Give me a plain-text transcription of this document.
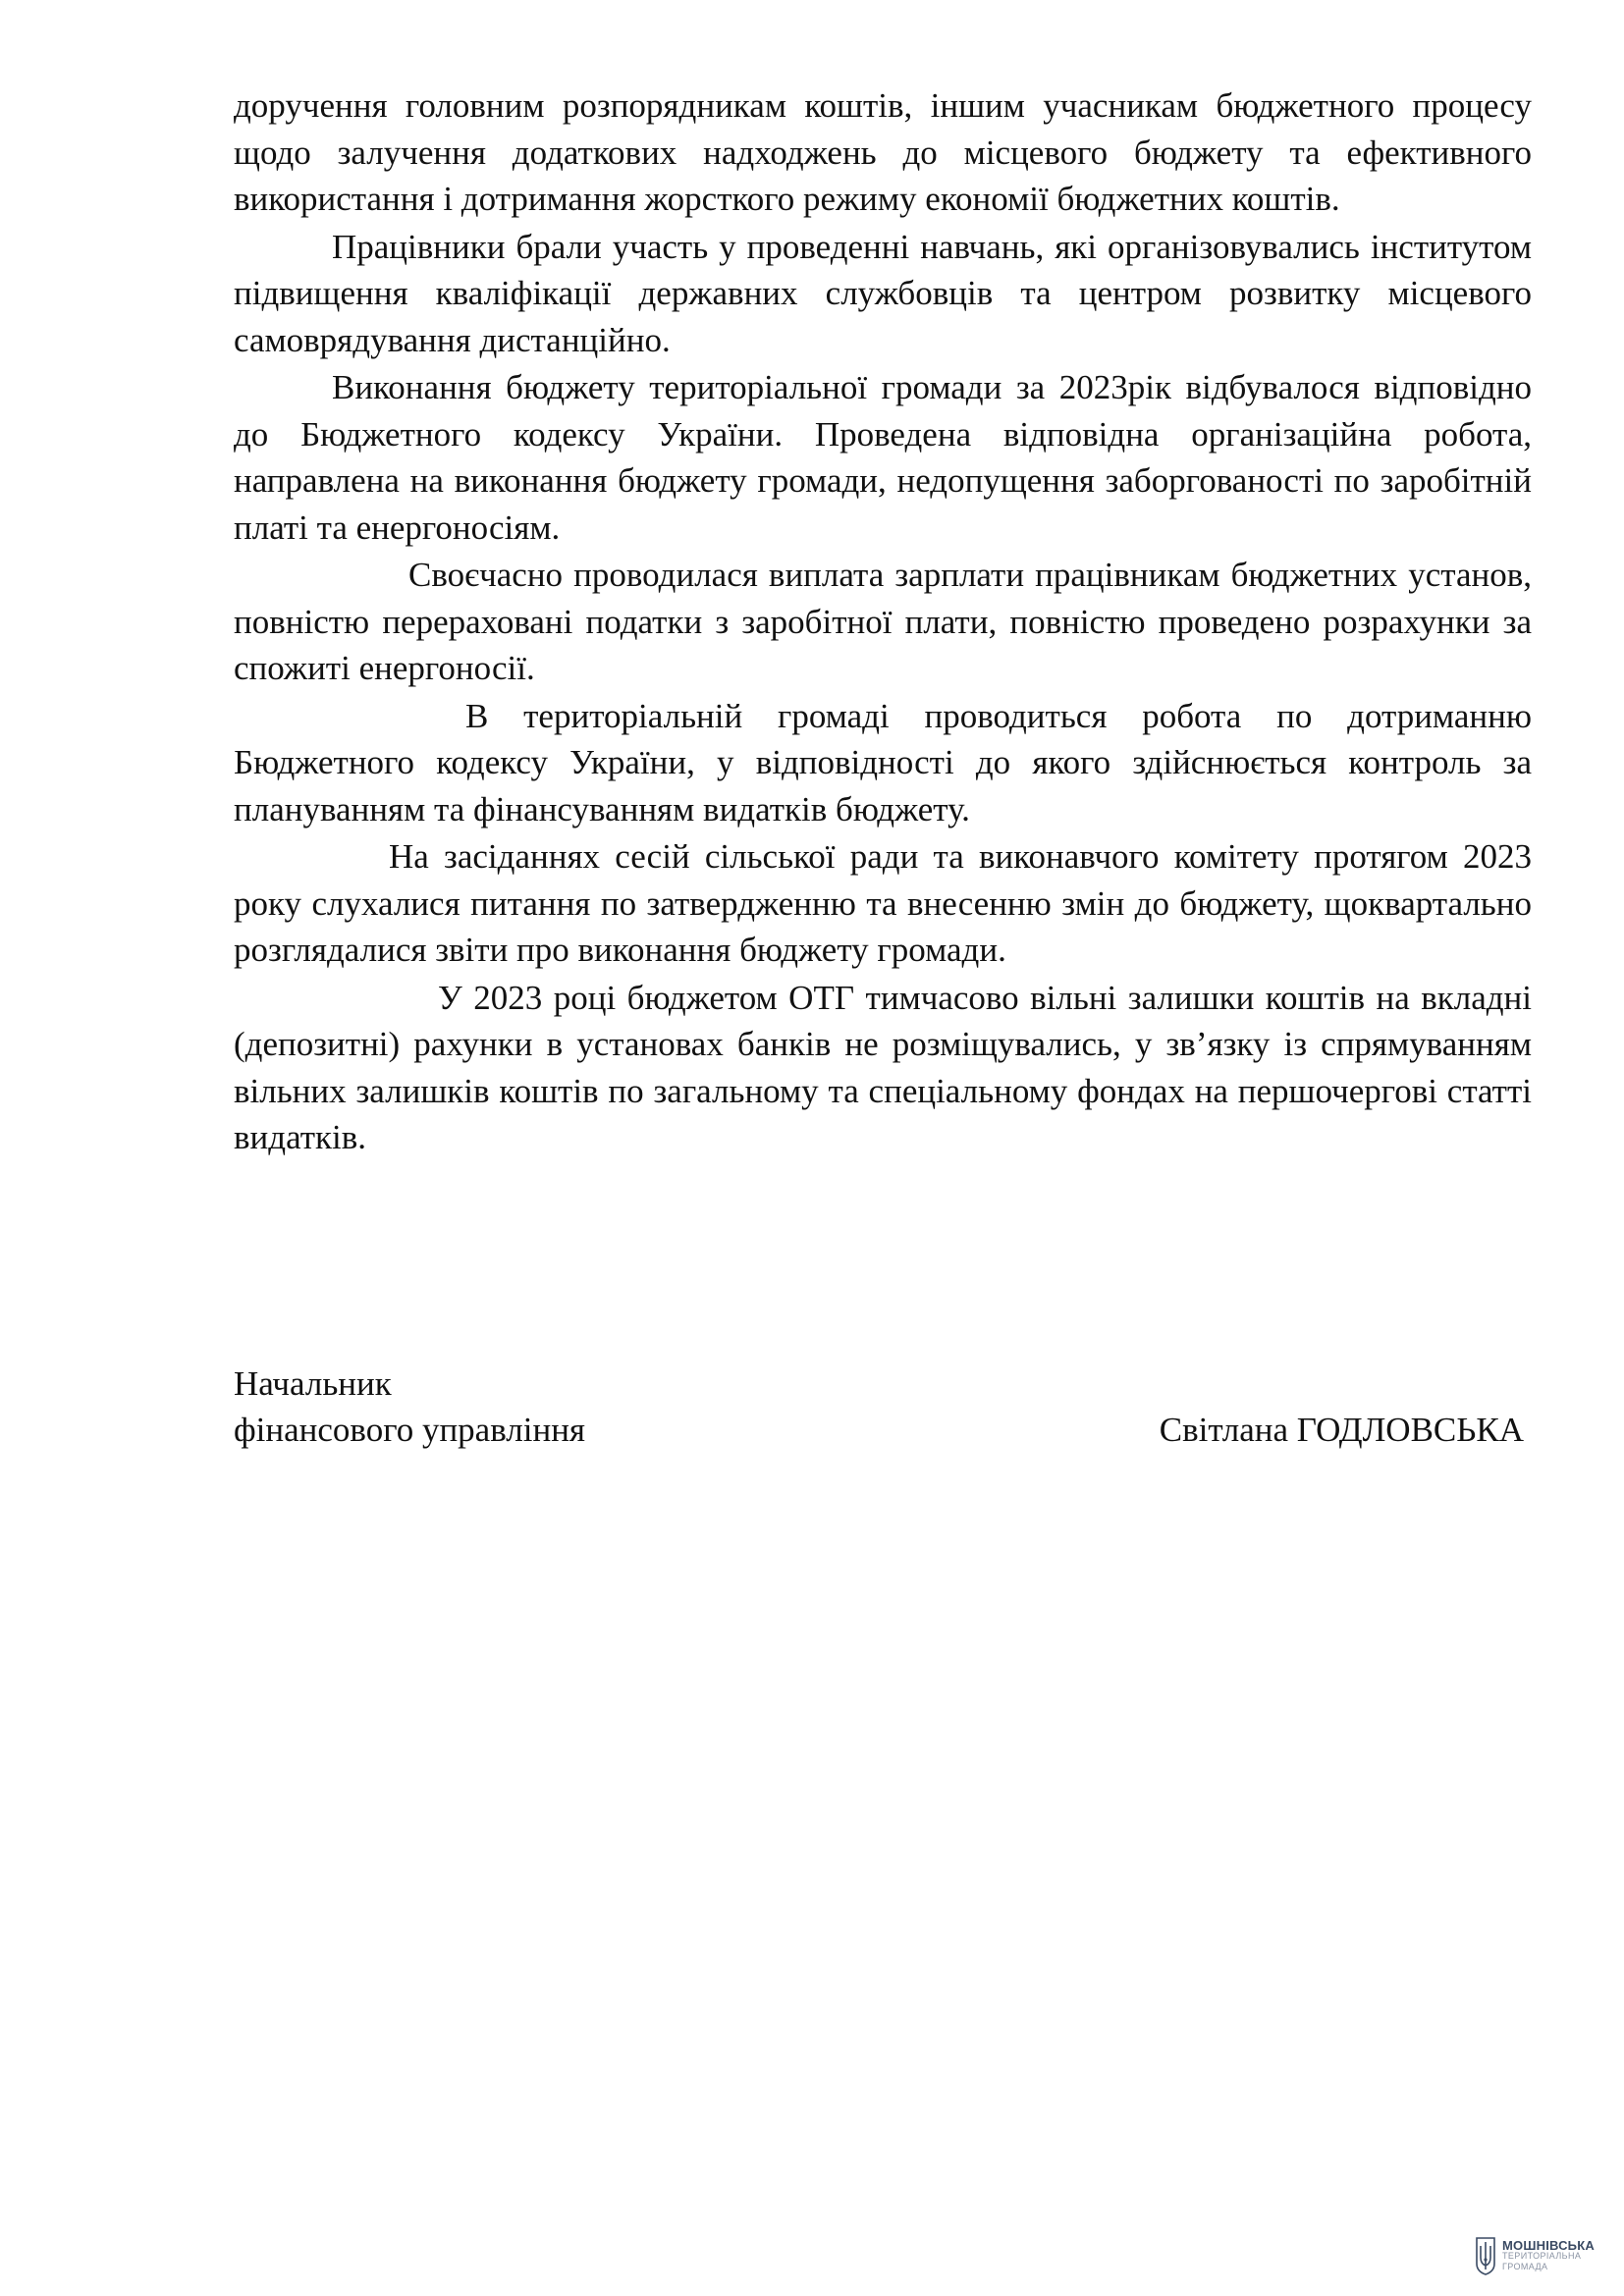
доручення головним розпорядникам коштів, іншим учасникам бюджетного процесу щодо залучення додаткових надходжень до місцевого бюджету та ефективного використання і дотримання жорсткого режиму економії бюджетних коштів.

Працівники брали участь у проведенні навчань, які організовувались інститутом підвищення кваліфікації державних службовців та центром розвитку місцевого самоврядування дистанційно.

Виконання бюджету територіальної громади за 2023рік відбувалося відповідно до Бюджетного кодексу України. Проведена відповідна організаційна робота, направлена на виконання бюджету громади, недопущення заборгованості по заробітній платі та енергоносіям.

Своєчасно проводилася виплата зарплати працівникам бюджетних установ, повністю перераховані податки з заробітної плати, повністю проведено розрахунки за спожиті енергоносії.

В територіальній громаді проводиться робота по дотриманню Бюджетного кодексу України, у відповідності до якого здійснюється контроль за плануванням та фінансуванням видатків бюджету.

На засіданнях сесій сільської ради та виконавчого комітету протягом 2023 року слухалися питання по затвердженню та внесенню змін до бюджету, щоквартально розглядалися звіти про виконання бюджету громади.

У 2023 році бюджетом ОТГ тимчасово вільні залишки коштів на вкладні (депозитні) рахунки в установах банків не розміщувались, у зв’язку із спрямуванням вільних залишків коштів по загальному та спеціальному фондах на першочергові статті видатків.

Начальник
фінансового управління	Світлана ГОДЛОВСЬКА
МОШНІВСЬКА
ТЕРИТОРІАЛЬНА
ГРОМАДА
